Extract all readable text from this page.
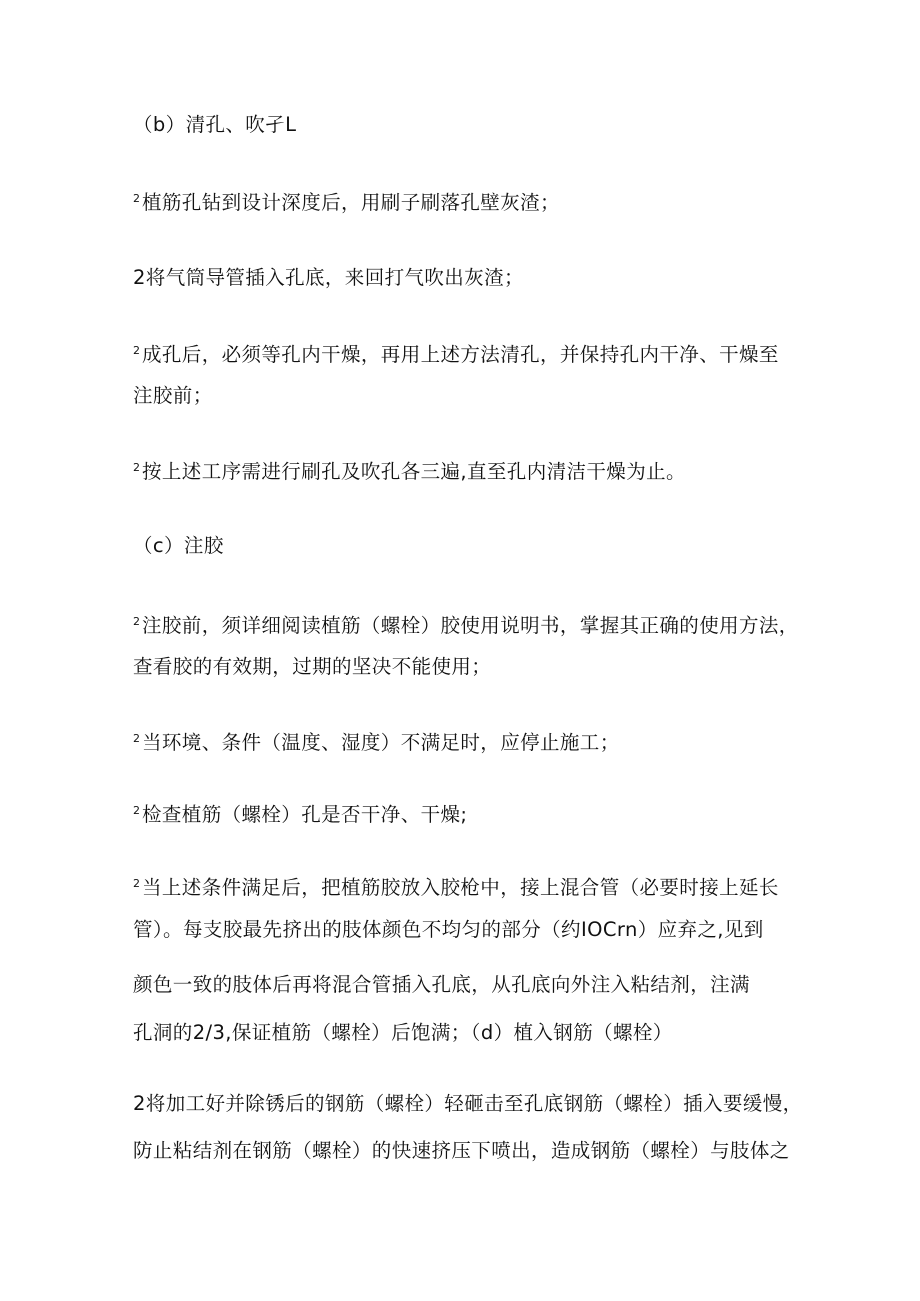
（b）清孔、吹孑L
$^2$ 植筋孔钻到设计深度后，用刷子刷落孔壁灰渣；
2将气筒导管插入孔底，来回打气吹出灰渣；
$^2$ 成孔后，必须等孔内干燥，再用上述方法清孔，并保持孔内干净、干燥至
注胶前；
$^2$ 按上述工序需进行刷孔及吹孔各三遍,直至孔内清洁干燥为止。
（c）注胶
$^2$ 注胶前，须详细阅读植筋（螺栓）胶使用说明书，掌握其正确的使用方法，
查看胶的有效期，过期的坚决不能使用；
$^2$ 当环境、条件（温度、湿度）不满足时，应停止施工；
$^2$ 检查植筋（螺栓）孔是否干净、干燥;
$^2$ 当上述条件满足后，把植筋胶放入胶枪中，接上混合管（必要时接上延长
管）。每支胶最先挤出的肢体颜色不均匀的部分（约IOCrn）应弃之,见到
颜色一致的肢体后再将混合管插入孔底，从孔底向外注入粘结剂，注满
孔洞的2/3,保证植筋（螺栓）后饱满；（d）植入钢筋（螺栓）
2将加工好并除锈后的钢筋（螺栓）轻砸击至孔底钢筋（螺栓）插入要缓慢，
防止粘结剂在钢筋（螺栓）的快速挤压下喷出，造成钢筋（螺栓）与肢体之
